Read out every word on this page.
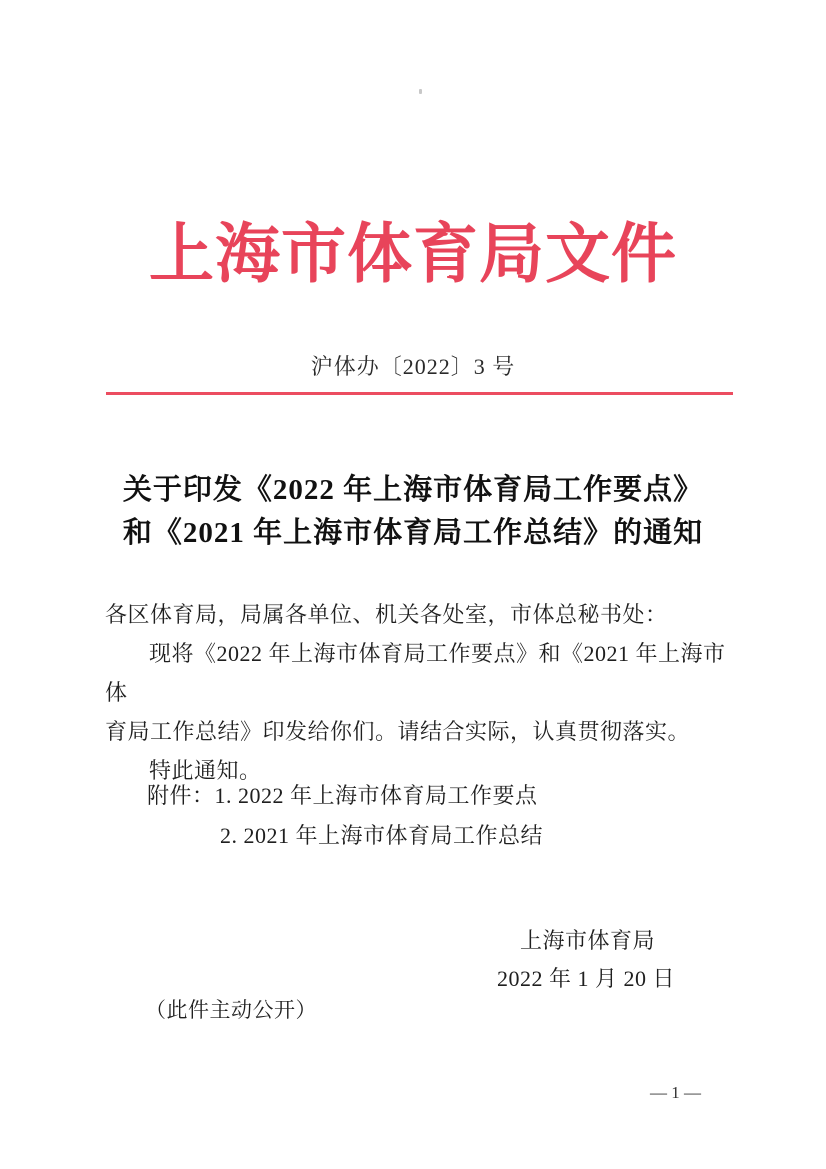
上海市体育局文件
沪体办〔2022〕3 号
关于印发《2022 年上海市体育局工作要点》
和《2021 年上海市体育局工作总结》的通知
各区体育局，局属各单位、机关各处室，市体总秘书处：
现将《2022 年上海市体育局工作要点》和《2021 年上海市体
育局工作总结》印发给你们。请结合实际，认真贯彻落实。
特此通知。
附件：1. 2022 年上海市体育局工作要点
2. 2021 年上海市体育局工作总结
上海市体育局
2022 年 1 月 20 日
（此件主动公开）
— 1 —
